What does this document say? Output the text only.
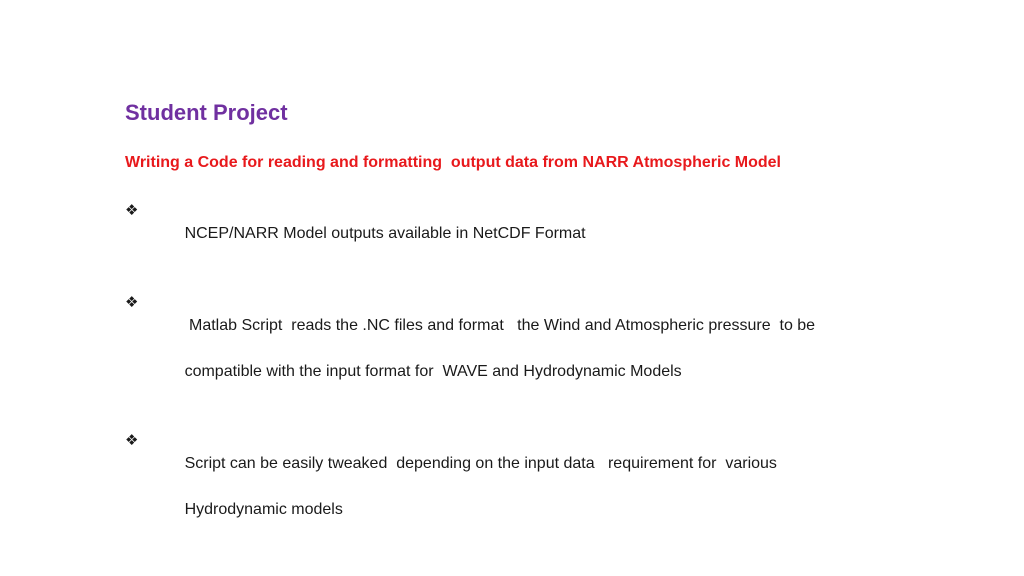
Student Project
Writing a Code for reading and formatting  output data from NARR Atmospheric Model
❖

NCEP/NARR Model outputs available in NetCDF Format

❖

Matlab Script  reads the .NC files and format   the Wind and Atmospheric pressure  to be

compatible with the input format for  WAVE and Hydrodynamic Models

❖

Script can be easily tweaked  depending on the input data   requirement for  various

Hydrodynamic models
